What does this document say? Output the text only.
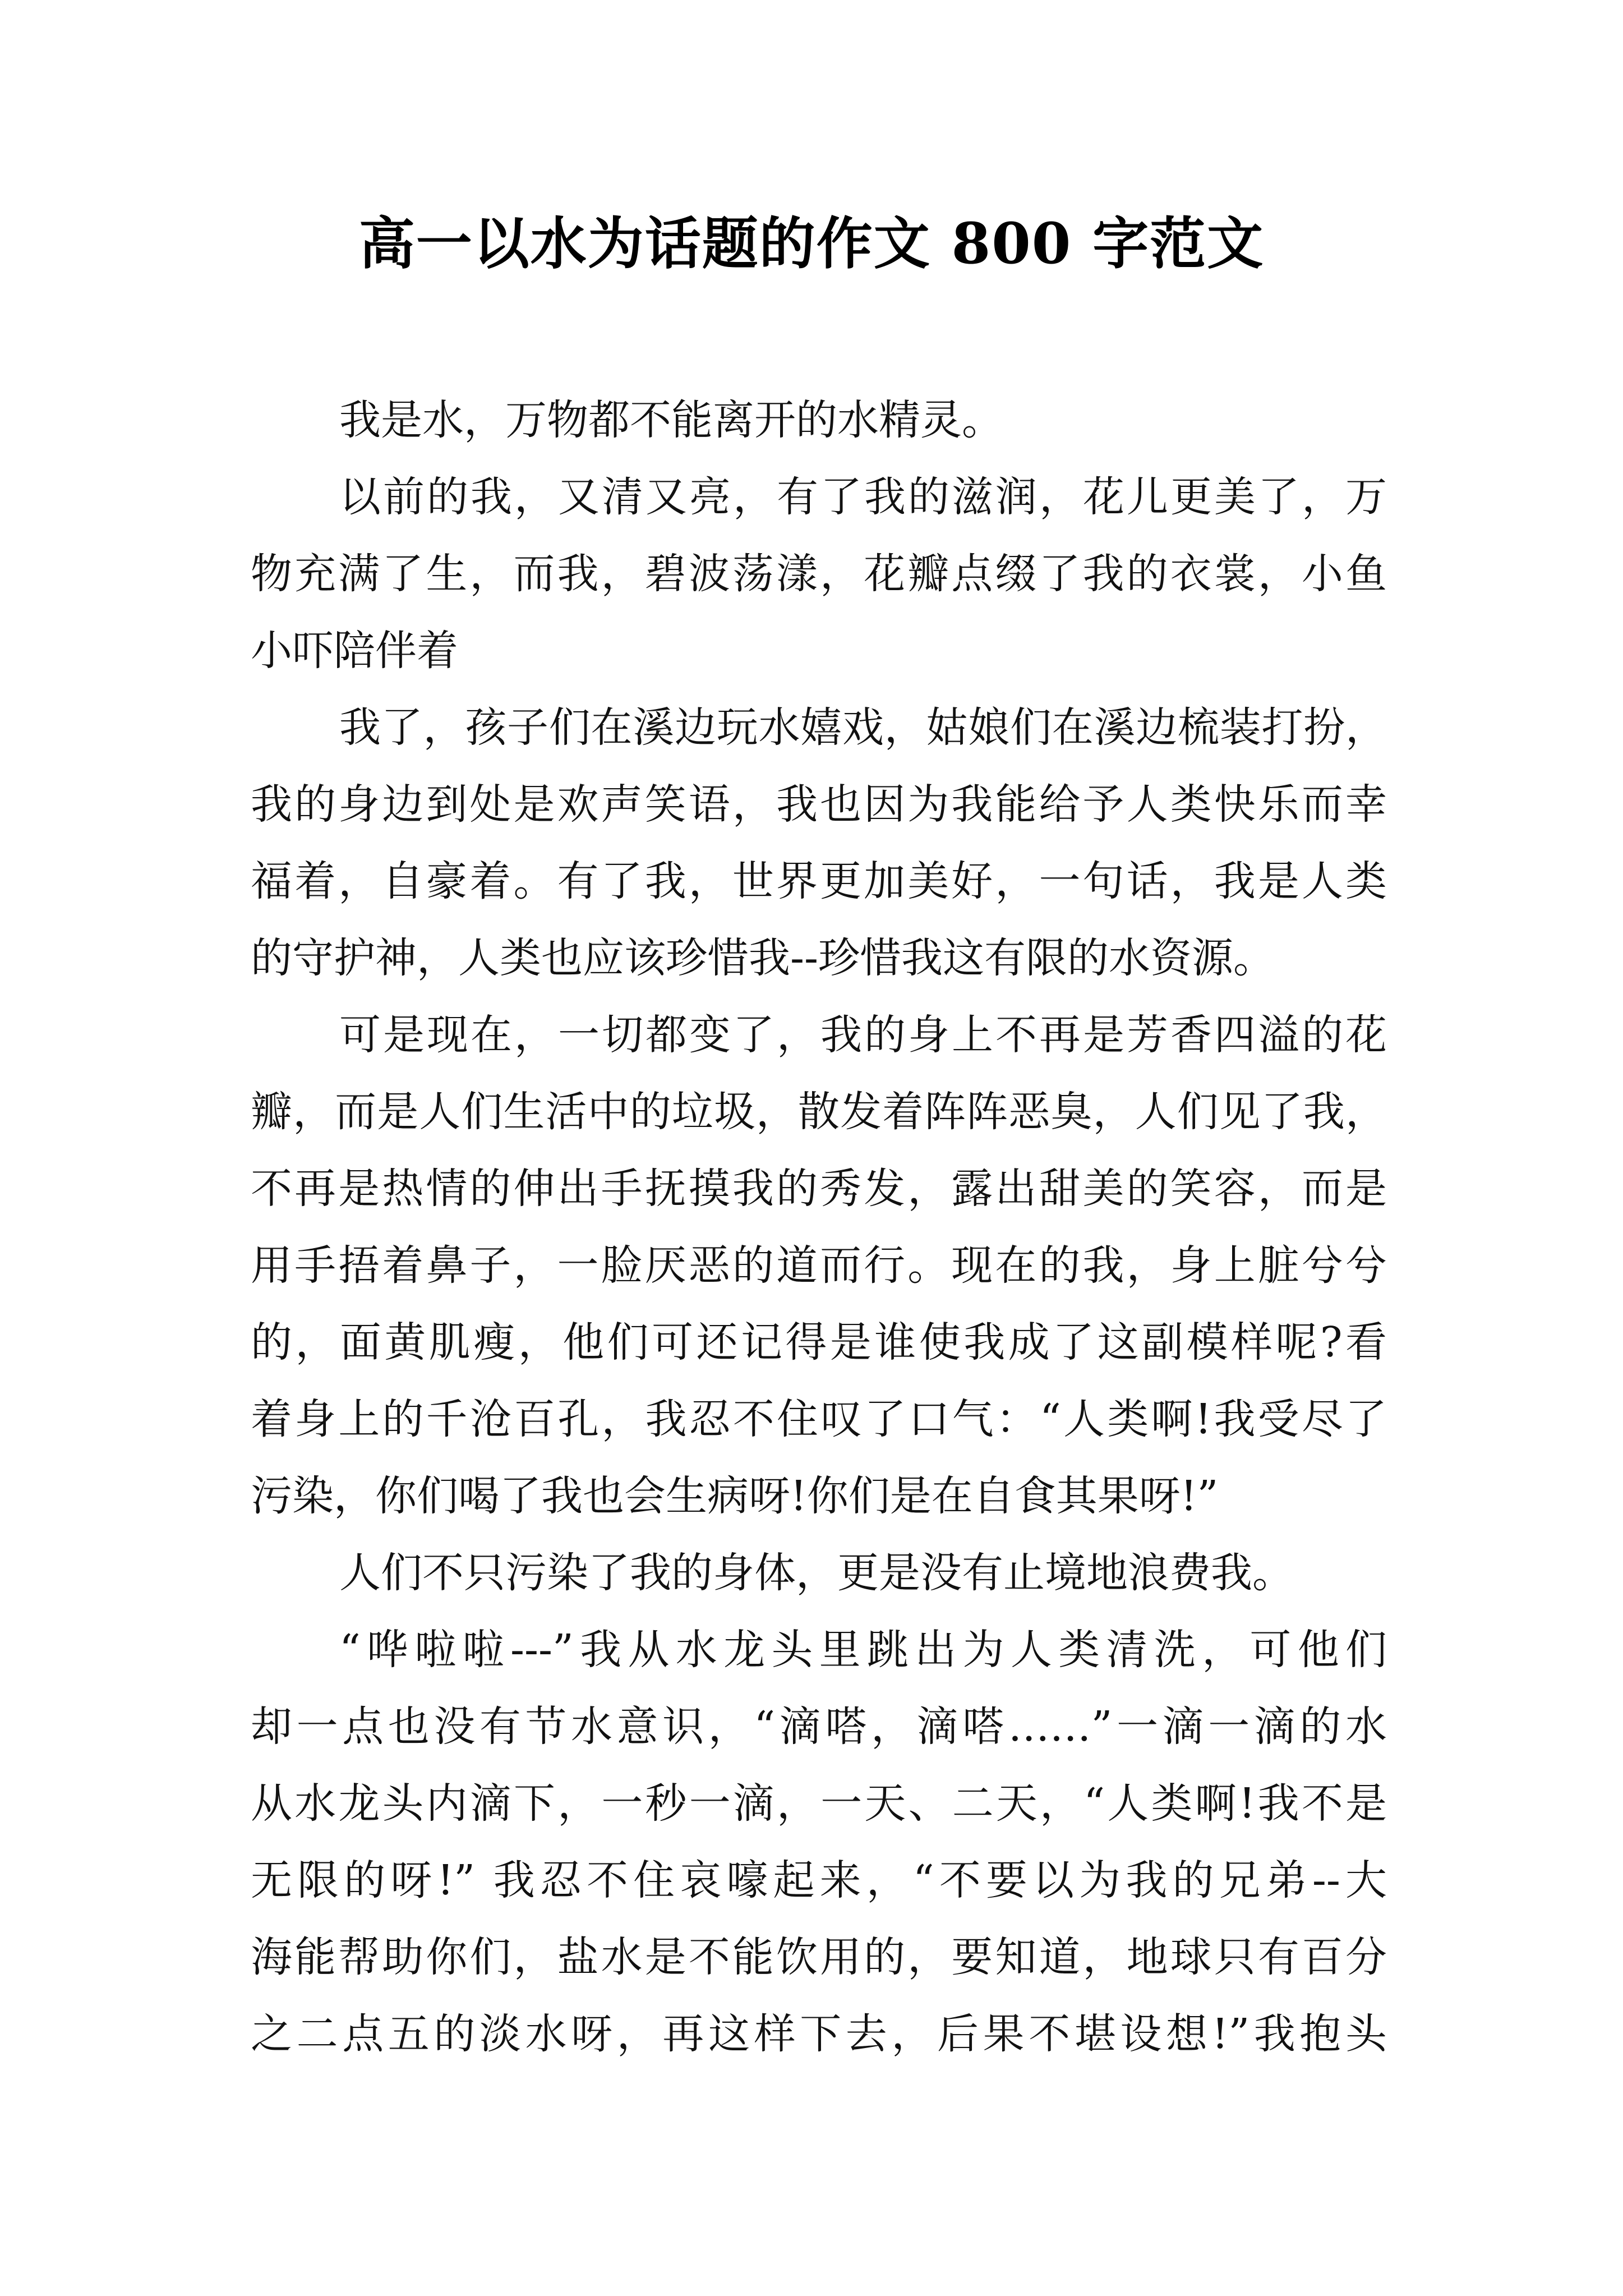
高一以水为话题的作文 800 字范文
我是水，万物都不能离开的水精灵。
以前的我，又清又亮，有了我的滋润，花儿更美了，万
物充满了生，而我，碧波荡漾，花瓣点缀了我的衣裳，小鱼
小吓陪伴着
我了，孩子们在溪边玩水嬉戏，姑娘们在溪边梳装打扮，
我的身边到处是欢声笑语，我也因为我能给予人类快乐而幸
福着，自豪着。有了我，世界更加美好，一句话，我是人类
的守护神，人类也应该珍惜我--珍惜我这有限的水资源。
可是现在，一切都变了，我的身上不再是芳香四溢的花
瓣，而是人们生活中的垃圾，散发着阵阵恶臭，人们见了我，
不再是热情的伸出手抚摸我的秀发，露出甜美的笑容，而是
用手捂着鼻子，一脸厌恶的道而行。现在的我，身上脏兮兮
的，面黄肌瘦，他们可还记得是谁使我成了这副模样呢?看
着身上的千沧百孔，我忍不住叹了口气：“人类啊!我受尽了
污染，你们喝了我也会生病呀!你们是在自食其果呀!”
人们不只污染了我的身体，更是没有止境地浪费我。
“哗啦啦---”我从水龙头里跳出为人类清洗，可他们
却一点也没有节水意识，“滴嗒，滴嗒……”一滴一滴的水
从水龙头内滴下，一秒一滴，一天、二天，“人类啊!我不是
无限的呀!” 我忍不住哀嚎起来，“不要以为我的兄弟--大
海能帮助你们，盐水是不能饮用的，要知道，地球只有百分
之二点五的淡水呀，再这样下去，后果不堪设想!”我抱头
